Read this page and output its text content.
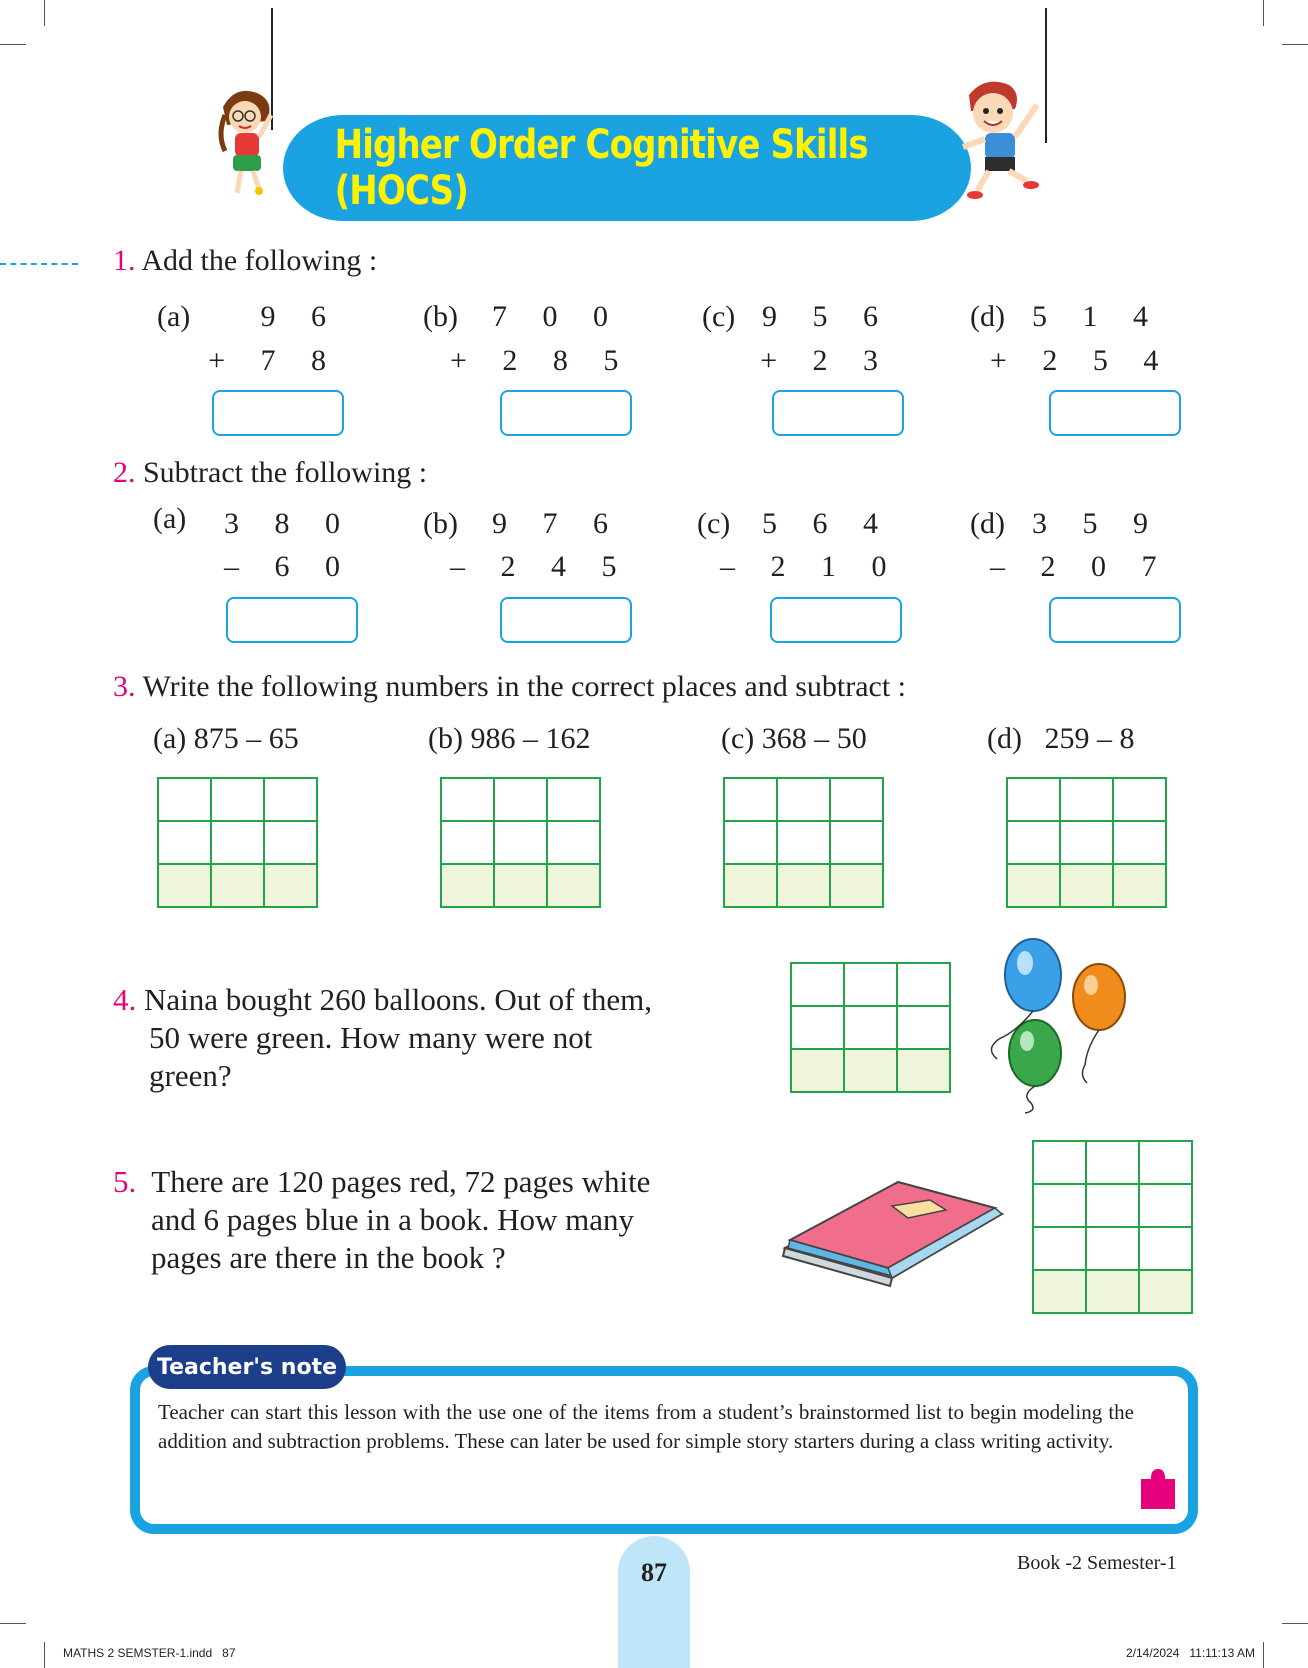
Higher Order Cognitive Skills (HOCS)
1. Add the following :
(a)	9 6
+ 7 8
(b)	7 0 0
+ 2 8 5
(c) 9 5 6
+ 2 3
(d) 5 1 4
+ 2 5 4
2. Subtract the following :
(a) 3 8 0
– 6 0
(b)	9 7 6
– 2 4 5
(c)	5 6 4
– 2 1 0
(d) 3 5 9
– 2 0 7
3. Write the following numbers in the correct places and subtract :
(a) 875 – 65	(b) 986 – 162	(c) 368 – 50	(d)   259 – 8

4. Naina bought 260 balloons. Out of them,
50 were green. How many were not
green?

5. There are 120 pages red, 72 pages white
and 6 pages blue in a book. How many
pages are there in the book ?

Teacher's note
Teacher can start this lesson with the use one of the items from a student’s brainstormed list to begin modeling the addition and subtraction problems. These can later be used for simple story starters during a class writing activity.
87	Book -2 Semester-1
MATHS 2 SEMSTER-1.indd   87	2/14/2024   11:11:13 AM
